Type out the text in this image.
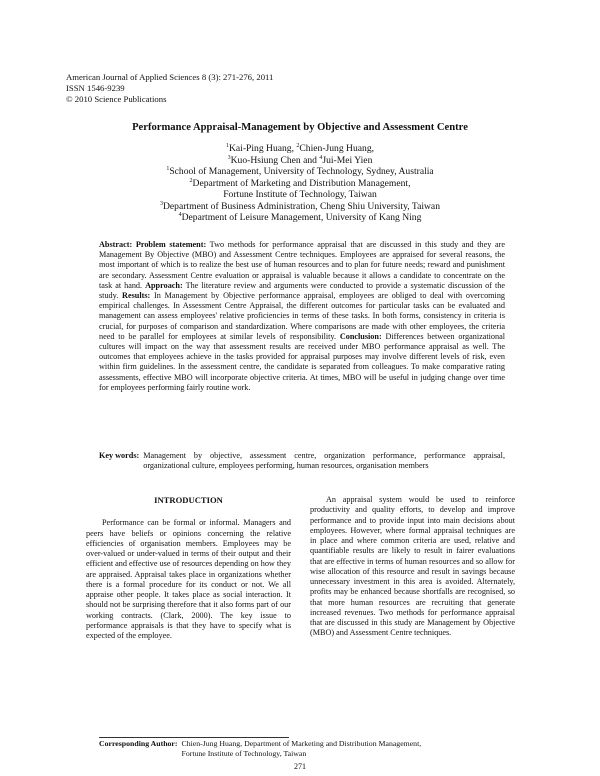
American Journal of Applied Sciences 8 (3): 271-276, 2011
ISSN 1546-9239
© 2010 Science Publications
Performance Appraisal-Management by Objective and Assessment Centre
$^1$Kai-Ping Huang, $^2$Chien-Jung Huang,
$^3$Kuo-Hsiung Chen and $^4$Jui-Mei Yien
$^1$School of Management, University of Technology, Sydney, Australia
$^2$Department of Marketing and Distribution Management,
Fortune Institute of Technology, Taiwan
$^3$Department of Business Administration, Cheng Shiu University, Taiwan
$^4$Department of Leisure Management, University of Kang Ning
Abstract: Problem statement: Two methods for performance appraisal that are discussed in this study and they are Management By Objective (MBO) and Assessment Centre techniques. Employees are appraised for several reasons, the most important of which is to realize the best use of human resources and to plan for future needs; reward and punishment are secondary. Assessment Centre evaluation or appraisal is valuable because it allows a candidate to concentrate on the task at hand. Approach: The literature review and arguments were conducted to provide a systematic discussion of the study. Results: In Management by Objective performance appraisal, employees are obliged to deal with overcoming empirical challenges. In Assessment Centre Appraisal, the different outcomes for particular tasks can be evaluated and management can assess employees' relative proficiencies in terms of these tasks. In both forms, consistency in criteria is crucial, for purposes of comparison and standardization. Where comparisons are made with other employees, the criteria need to be parallel for employees at similar levels of responsibility. Conclusion: Differences between organizational cultures will impact on the way that assessment results are received under MBO performance appraisal as well. The outcomes that employees achieve in the tasks provided for appraisal purposes may involve different levels of risk, even within firm guidelines. In the assessment centre, the candidate is separated from colleagues. To make comparative rating assessments, effective MBO will incorporate objective criteria. At times, MBO will be useful in judging change over time for employees performing fairly routine work.
Key words: Management by objective, assessment centre, organization performance, performance appraisal, organizational culture, employees performing, human resources, organisation members
INTRODUCTION
Performance can be formal or informal. Managers and peers have beliefs or opinions concerning the relative efficiencies of organisation members. Employees may be over-valued or under-valued in terms of their output and their efficient and effective use of resources depending on how they are appraised. Appraisal takes place in organizations whether there is a formal procedure for its conduct or not. We all appraise other people. It takes place as social interaction. It should not be surprising therefore that it also forms part of our working contracts. (Clark, 2000). The key issue to performance appraisals is that they have to specify what is expected of the employee.
An appraisal system would be used to reinforce productivity and quality efforts, to develop and improve performance and to provide input into main decisions about employees. However, where formal appraisal techniques are in place and where common criteria are used, relative and quantifiable results are likely to result in fairer evaluations that are effective in terms of human resources and so allow for wise allocation of this resource and result in savings because unnecessary investment in this area is avoided. Alternately, profits may be enhanced because shortfalls are recognised, so that more human resources are recruiting that generate increased revenues. Two methods for performance appraisal that are discussed in this study are Management by Objective (MBO) and Assessment Centre techniques.
Corresponding Author: Chien-Jung Huang, Department of Marketing and Distribution Management,
Fortune Institute of Technology, Taiwan
271
